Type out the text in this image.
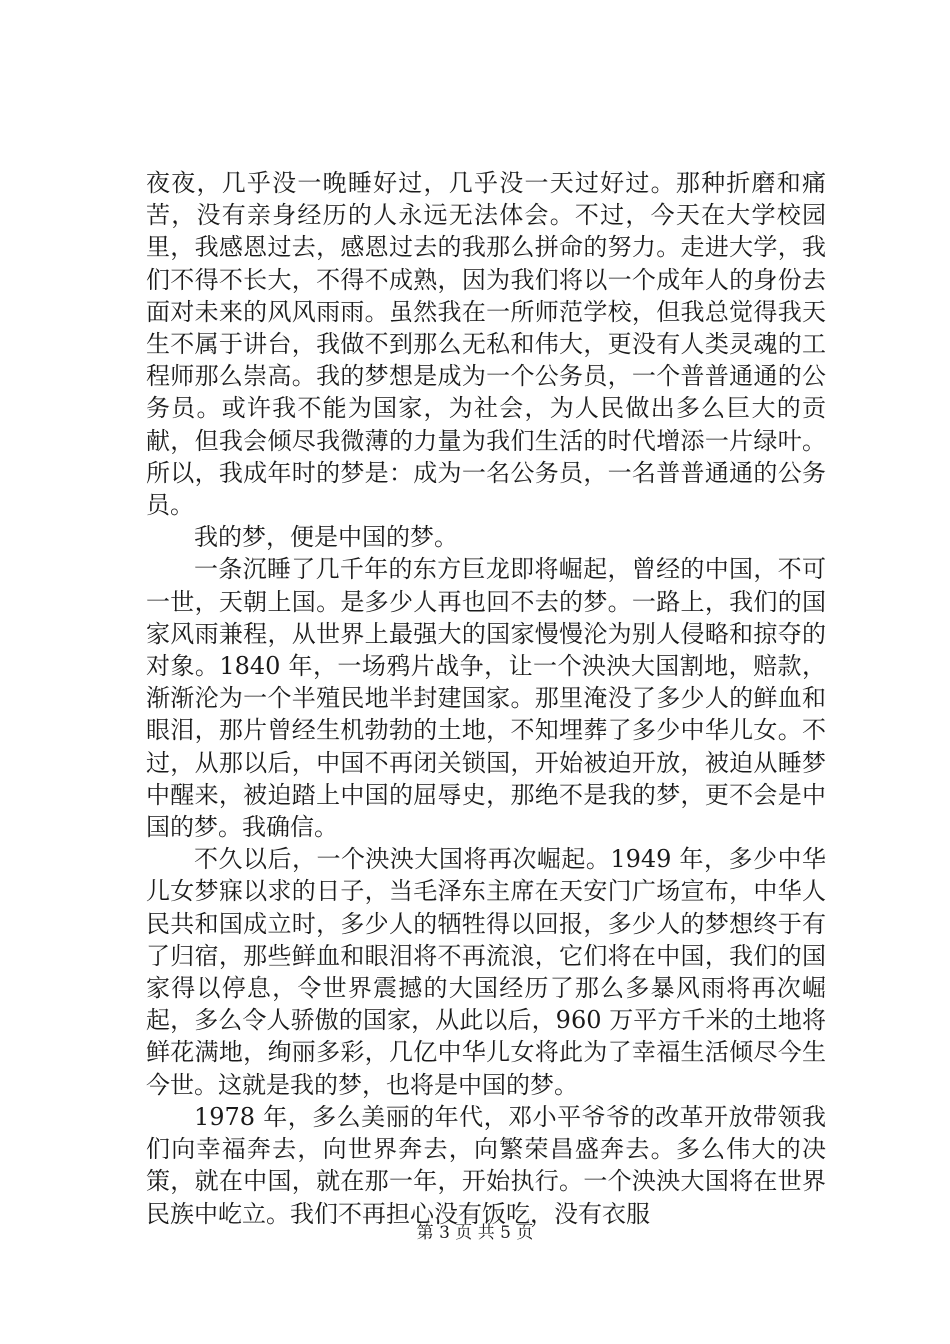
夜夜，几乎没一晚睡好过，几乎没一天过好过。那种折磨和痛苦，没有亲身经历的人永远无法体会。不过，今天在大学校园里，我感恩过去，感恩过去的我那么拼命的努力。走进大学，我们不得不长大，不得不成熟，因为我们将以一个成年人的身份去面对未来的风风雨雨。虽然我在一所师范学校，但我总觉得我天生不属于讲台，我做不到那么无私和伟大，更没有人类灵魂的工程师那么崇高。我的梦想是成为一个公务员，一个普普通通的公务员。或许我不能为国家，为社会，为人民做出多么巨大的贡献，但我会倾尽我微薄的力量为我们生活的时代增添一片绿叶。所以，我成年时的梦是：成为一名公务员，一名普普通通的公务员。

我的梦，便是中国的梦。

一条沉睡了几千年的东方巨龙即将崛起，曾经的中国，不可一世，天朝上国。是多少人再也回不去的梦。一路上，我们的国家风雨兼程，从世界上最强大的国家慢慢沦为别人侵略和掠夺的对象。1840 年，一场鸦片战争，让一个泱泱大国割地，赔款，渐渐沦为一个半殖民地半封建国家。那里淹没了多少人的鲜血和眼泪，那片曾经生机勃勃的土地，不知埋葬了多少中华儿女。不过，从那以后，中国不再闭关锁国，开始被迫开放，被迫从睡梦中醒来，被迫踏上中国的屈辱史，那绝不是我的梦，更不会是中国的梦。我确信。

不久以后，一个泱泱大国将再次崛起。1949 年，多少中华儿女梦寐以求的日子，当毛泽东主席在天安门广场宣布，中华人民共和国成立时，多少人的牺牲得以回报，多少人的梦想终于有了归宿，那些鲜血和眼泪将不再流浪，它们将在中国，我们的国家得以停息，令世界震撼的大国经历了那么多暴风雨将再次崛起，多么令人骄傲的国家，从此以后，960 万平方千米的土地将鲜花满地，绚丽多彩，几亿中华儿女将此为了幸福生活倾尽今生今世。这就是我的梦，也将是中国的梦。

1978 年，多么美丽的年代，邓小平爷爷的改革开放带领我们向幸福奔去，向世界奔去，向繁荣昌盛奔去。多么伟大的决策，就在中国，就在那一年，开始执行。一个泱泱大国将在世界民族中屹立。我们不再担心没有饭吃，没有衣服

第 3 页 共 5 页
